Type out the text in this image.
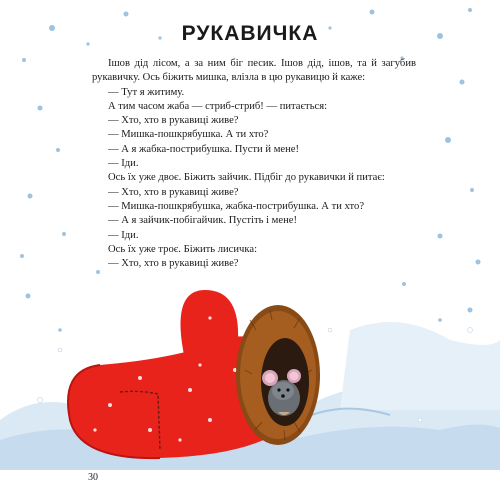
РУКАВИЧКА

Ішов дід лісом, а за ним біг песик. Ішов дід, ішов, та й загубив рукавичку. Ось біжить мишка, влізла в цю рукавицю й каже:

— Тут я житиму.

А тим часом жаба — стриб-стриб! — питається:

— Хто, хто в рукавиці живе?

— Мишка-пошкрябушка. А ти хто?

— А я жабка-пострибушка. Пусти й мене!

— Іди.

Ось їх уже двоє. Біжить зайчик. Підбіг до рукавички й питає:

— Хто, хто в рукавиці живе?

— Мишка-пошкрябушка, жабка-пострибушка. А ти хто?

— А я зайчик-побігайчик. Пустіть і мене!

— Іди.

Ось їх уже троє. Біжить лисичка:

— Хто, хто в рукавиці живе?

30
